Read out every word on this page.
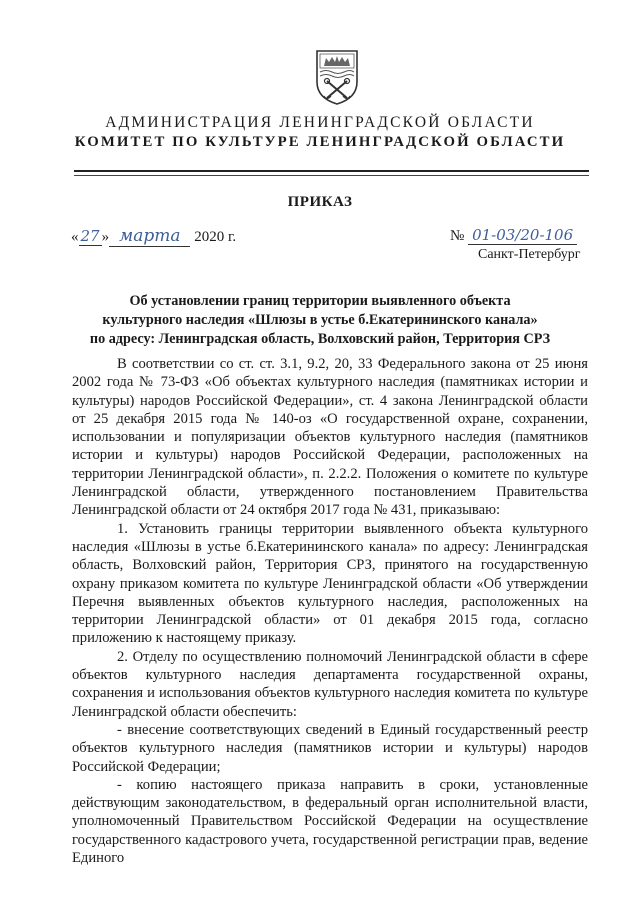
АДМИНИСТРАЦИЯ ЛЕНИНГРАДСКОЙ ОБЛАСТИ
КОМИТЕТ ПО КУЛЬТУРЕ ЛЕНИНГРАДСКОЙ ОБЛАСТИ
ПРИКАЗ
« 27 » марта 2020 г.	№ 01-03/20-106
Санкт-Петербург
Об установлении границ территории выявленного объекта
культурного наследия «Шлюзы в устье б.Екатерининского канала»
по адресу: Ленинградская область, Волховский район, Территория СРЗ

В соответствии со ст. ст. 3.1, 9.2, 20, 33 Федерального закона от 25 июня 2002 года № 73-ФЗ «Об объектах культурного наследия (памятниках истории и культуры) народов Российской Федерации», ст. 4 закона Ленинградской области от 25 декабря 2015 года № 140-оз «О государственной охране, сохранении, использовании и популяризации объектов культурного наследия (памятников истории и культуры) народов Российской Федерации, расположенных на территории Ленинградской области», п. 2.2.2. Положения о комитете по культуре Ленинградской области, утвержденного постановлением Правительства Ленинградской области от 24 октября 2017 года № 431, приказываю:

1. Установить границы территории выявленного объекта культурного наследия «Шлюзы в устье б.Екатерининского канала» по адресу: Ленинградская область, Волховский район, Территория СРЗ, принятого на государственную охрану приказом комитета по культуре Ленинградской области «Об утверждении Перечня выявленных объектов культурного наследия, расположенных на территории Ленинградской области» от 01 декабря 2015 года, согласно приложению к настоящему приказу.

2. Отделу по осуществлению полномочий Ленинградской области в сфере объектов культурного наследия департамента государственной охраны, сохранения и использования объектов культурного наследия комитета по культуре Ленинградской области обеспечить:

- внесение соответствующих сведений в Единый государственный реестр объектов культурного наследия (памятников истории и культуры) народов Российской Федерации;

- копию настоящего приказа направить в сроки, установленные действующим законодательством, в федеральный орган исполнительной власти, уполномоченный Правительством Российской Федерации на осуществление государственного кадастрового учета, государственной регистрации прав, ведение Единого
